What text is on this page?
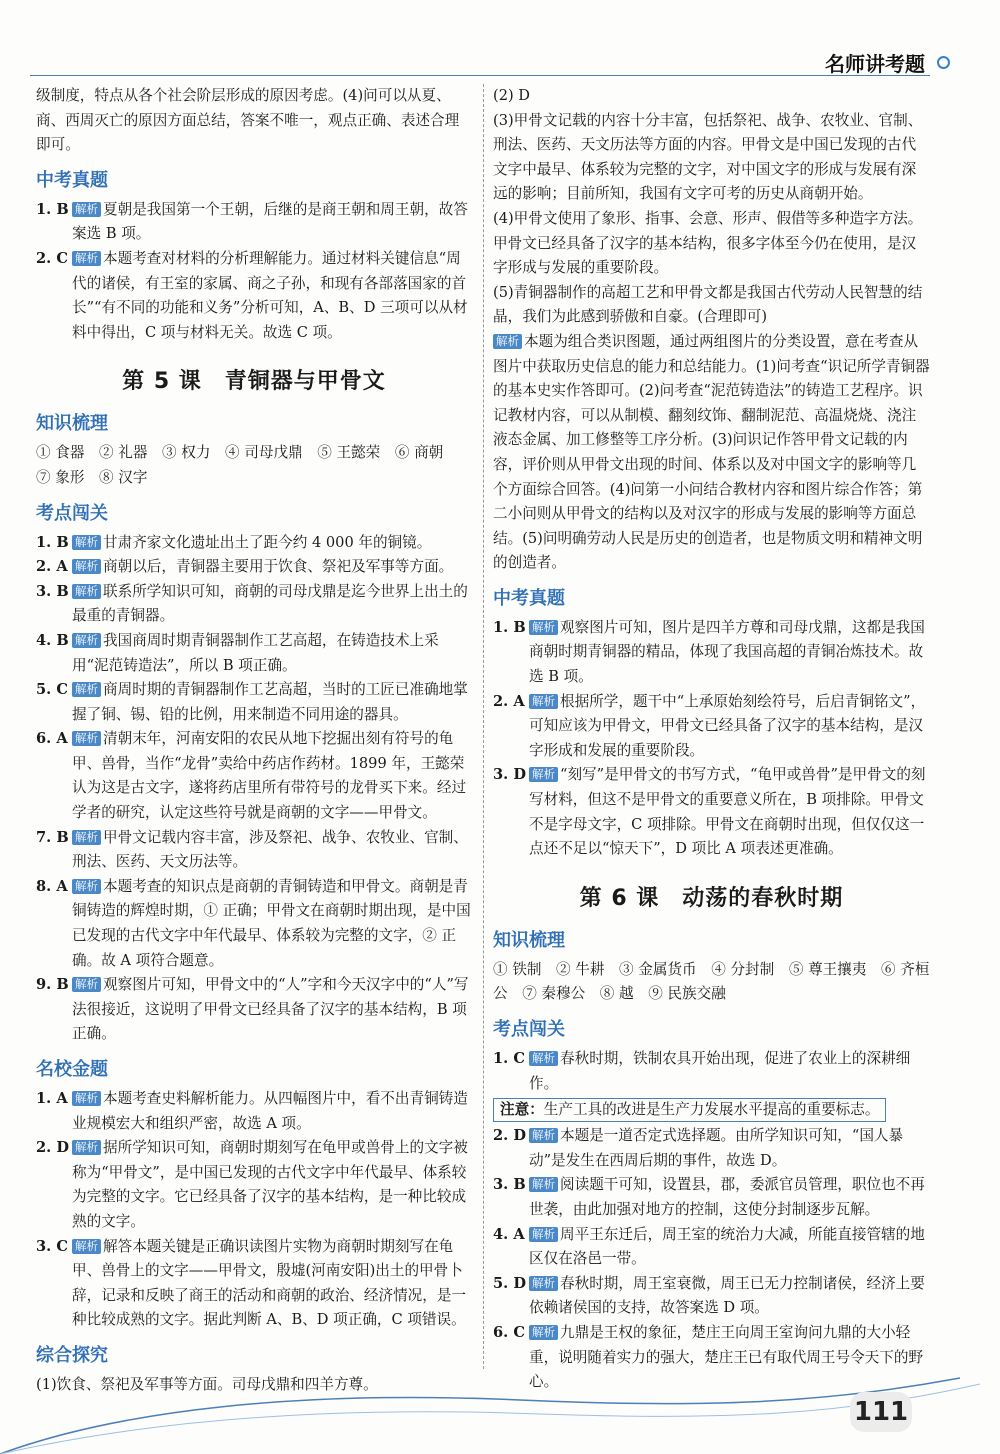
名师讲考题

级制度，特点从各个社会阶层形成的原因考虑。(4)问可以从夏、商、西周灭亡的原因方面总结，答案不唯一，观点正确、表述合理即可。

中考真题
1. B 解析 夏朝是我国第一个王朝，后继的是商王朝和周王朝，故答案选 B 项。
2. C 解析 本题考查对材料的分析理解能力。通过材料关键信息“周代的诸侯，有王室的家属、商之子孙，和现有各部落国家的首长”“有不同的功能和义务”分析可知，A、B、D 三项可以从材料中得出，C 项与材料无关。故选 C 项。
第 5 课　青铜器与甲骨文
知识梳理

① 食器　② 礼器　③ 权力　④ 司母戊鼎　⑤ 王懿荣　⑥ 商朝　⑦ 象形　⑧ 汉字

考点闯关
1. B 解析 甘肃齐家文化遗址出土了距今约 4 000 年的铜镜。
2. A 解析 商朝以后，青铜器主要用于饮食、祭祀及军事等方面。
3. B 解析 联系所学知识可知，商朝的司母戊鼎是迄今世界上出土的最重的青铜器。
4. B 解析 我国商周时期青铜器制作工艺高超，在铸造技术上采用“泥范铸造法”，所以 B 项正确。
5. C 解析 商周时期的青铜器制作工艺高超，当时的工匠已准确地掌握了铜、锡、铅的比例，用来制造不同用途的器具。
6. A 解析 清朝末年，河南安阳的农民从地下挖掘出刻有符号的龟甲、兽骨，当作“龙骨”卖给中药店作药材。1899 年，王懿荣认为这是古文字，遂将药店里所有带符号的龙骨买下来。经过学者的研究，认定这些符号就是商朝的文字——甲骨文。
7. B 解析 甲骨文记载内容丰富，涉及祭祀、战争、农牧业、官制、刑法、医药、天文历法等。
8. A 解析 本题考查的知识点是商朝的青铜铸造和甲骨文。商朝是青铜铸造的辉煌时期，① 正确；甲骨文在商朝时期出现，是中国已发现的古代文字中年代最早、体系较为完整的文字，② 正确。故 A 项符合题意。
9. B 解析 观察图片可知，甲骨文中的“人”字和今天汉字中的“人”写法很接近，这说明了甲骨文已经具备了汉字的基本结构，B 项正确。
名校金题
1. A 解析 本题考查史料解析能力。从四幅图片中，看不出青铜铸造业规模宏大和组织严密，故选 A 项。
2. D 解析 据所学知识可知，商朝时期刻写在龟甲或兽骨上的文字被称为“甲骨文”，是中国已发现的古代文字中年代最早、体系较为完整的文字。它已经具备了汉字的基本结构，是一种比较成熟的文字。
3. C 解析 解答本题关键是正确识读图片实物为商朝时期刻写在龟甲、兽骨上的文字——甲骨文，殷墟(河南安阳)出土的甲骨卜辞，记录和反映了商王的活动和商朝的政治、经济情况，是一种比较成熟的文字。据此判断 A、B、D 项正确，C 项错误。
综合探究

(1)饮食、祭祀及军事等方面。司母戊鼎和四羊方尊。

(2) D

(3)甲骨文记载的内容十分丰富，包括祭祀、战争、农牧业、官制、刑法、医药、天文历法等方面的内容。甲骨文是中国已发现的古代文字中最早、体系较为完整的文字，对中国文字的形成与发展有深远的影响；目前所知，我国有文字可考的历史从商朝开始。

(4)甲骨文使用了象形、指事、会意、形声、假借等多种造字方法。甲骨文已经具备了汉字的基本结构，很多字体至今仍在使用，是汉字形成与发展的重要阶段。

(5)青铜器制作的高超工艺和甲骨文都是我国古代劳动人民智慧的结晶，我们为此感到骄傲和自豪。(合理即可)

解析 本题为组合类识图题，通过两组图片的分类设置，意在考查从图片中获取历史信息的能力和总结能力。(1)问考查“识记所学青铜器的基本史实作答即可。(2)问考查“泥范铸造法”的铸造工艺程序。识记教材内容，可以从制模、翻刻纹饰、翻制泥范、高温烧烧、浇注液态金属、加工修整等工序分析。(3)问识记作答甲骨文记载的内容，评价则从甲骨文出现的时间、体系以及对中国文字的影响等几个方面综合回答。(4)问第一小问结合教材内容和图片综合作答；第二小问则从甲骨文的结构以及对汉字的形成与发展的影响等方面总结。(5)问明确劳动人民是历史的创造者，也是物质文明和精神文明的创造者。

中考真题
1. B 解析 观察图片可知，图片是四羊方尊和司母戊鼎，这都是我国商朝时期青铜器的精品，体现了我国高超的青铜冶炼技术。故选 B 项。
2. A 解析 根据所学，题干中“上承原始刻绘符号，后启青铜铭文”，可知应该为甲骨文，甲骨文已经具备了汉字的基本结构，是汉字形成和发展的重要阶段。
3. D 解析 “刻写”是甲骨文的书写方式，“龟甲或兽骨”是甲骨文的刻写材料，但这不是甲骨文的重要意义所在，B 项排除。甲骨文不是字母文字，C 项排除。甲骨文在商朝时出现，但仅仅这一点还不足以“惊天下”，D 项比 A 项表述更准确。
第 6 课　动荡的春秋时期
知识梳理

① 铁制　② 牛耕　③ 金属货币　④ 分封制　⑤ 尊王攘夷　⑥ 齐桓公　⑦ 秦穆公　⑧ 越　⑨ 民族交融

考点闯关
1. C 解析 春秋时期，铁制农具开始出现，促进了农业上的深耕细作。
注意：生产工具的改进是生产力发展水平提高的重要标志。
2. D 解析 本题是一道否定式选择题。由所学知识可知，“国人暴动”是发生在西周后期的事件，故选 D。
3. B 解析 阅读题干可知，设置县，郡，委派官员管理，职位也不再世袭，由此加强对地方的控制，这使分封制逐步瓦解。
4. A 解析 周平王东迁后，周王室的统治力大减，所能直接管辖的地区仅在洛邑一带。
5. D 解析 春秋时期，周王室衰微，周王已无力控制诸侯，经济上要依赖诸侯国的支持，故答案选 D 项。
6. C 解析 九鼎是王权的象征，楚庄王向周王室询问九鼎的大小轻重，说明随着实力的强大，楚庄王已有取代周王号令天下的野心。
111
